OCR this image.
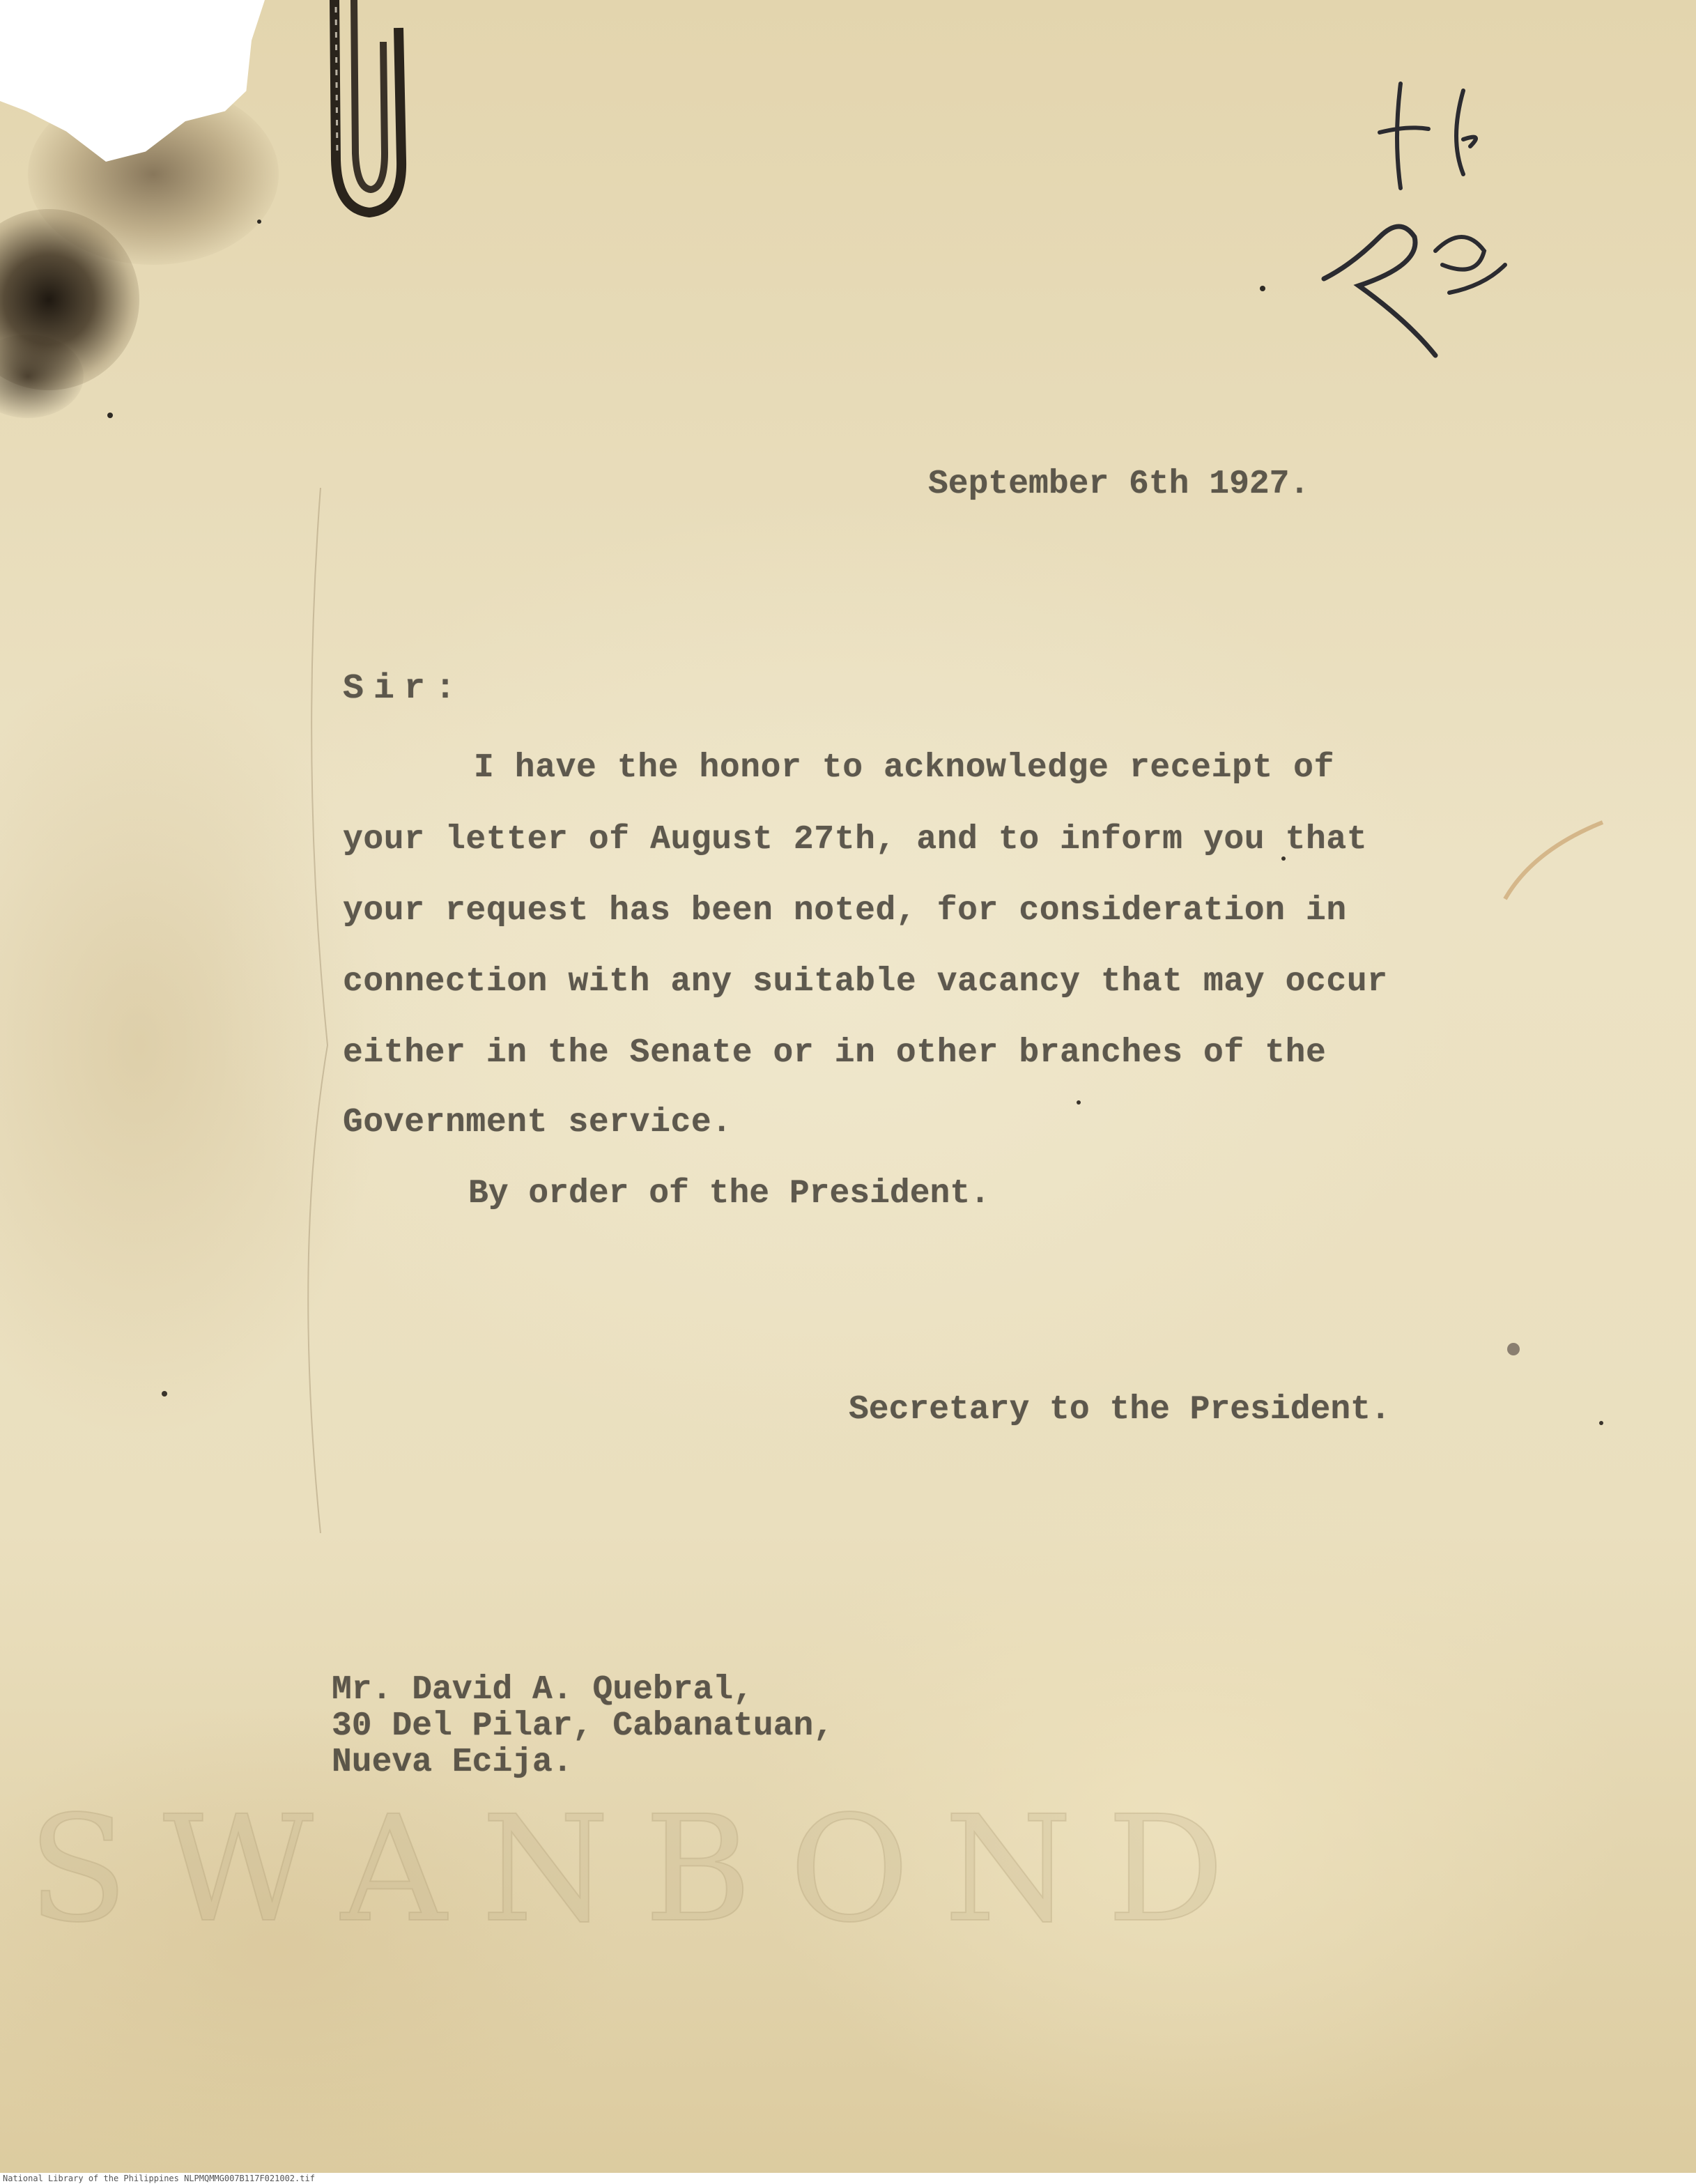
SWANBOND
September 6th 1927.
Sir:
I have the honor to acknowledge receipt of
your letter of August 27th, and to inform you that
your request has been noted, for consideration in
connection with any suitable vacancy that may occur
either in the Senate or in other branches of the
Government service.
By order of the President.
Secretary to the President.
Mr. David A. Quebral,
30 Del Pilar, Cabanatuan,
Nueva Ecija.
National Library of the Philippines NLPMQMMG007B117F021002.tif
